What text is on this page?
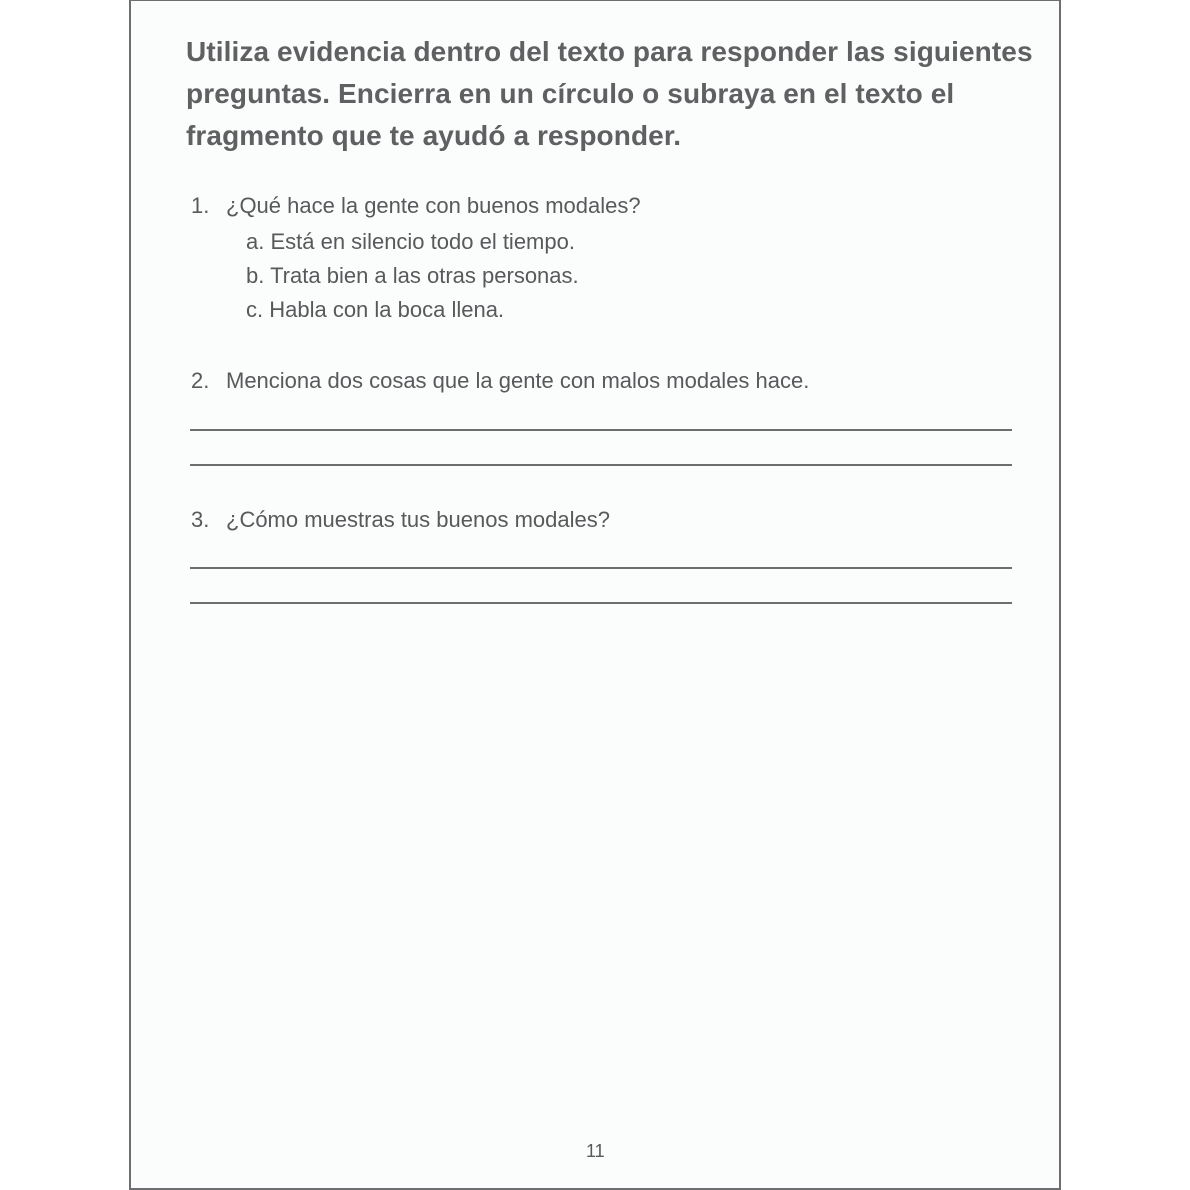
Utiliza evidencia dentro del texto para responder las siguientes preguntas. Encierra en un círculo o subraya en el texto el fragmento que te ayudó a responder.
1. ¿Qué hace la gente con buenos modales?
a. Está en silencio todo el tiempo.
b. Trata bien a las otras personas.
c. Habla con la boca llena.
2. Menciona dos cosas que la gente con malos modales hace.
3. ¿Cómo muestras tus buenos modales?
11
